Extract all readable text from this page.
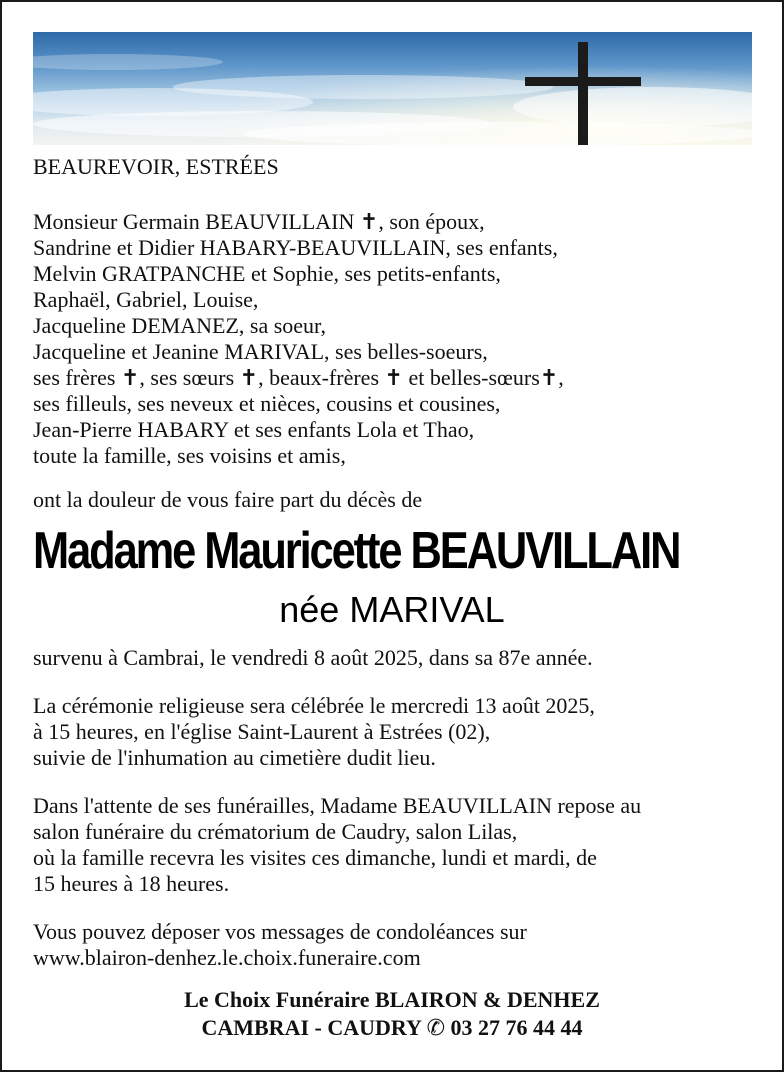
BEAUREVOIR, ESTRÉES
Monsieur Germain BEAUVILLAIN ✝, son époux,
Sandrine et Didier HABARY-BEAUVILLAIN, ses enfants,
Melvin GRATPANCHE et Sophie, ses petits-enfants,
Raphaël, Gabriel, Louise,
Jacqueline DEMANEZ, sa soeur,
Jacqueline et Jeanine MARIVAL, ses belles-soeurs,
ses frères ✝, ses sœurs ✝, beaux-frères ✝ et belles-sœurs✝,
ses filleuls, ses neveux et nièces, cousins et cousines,
Jean-Pierre HABARY et ses enfants Lola et Thao,
toute la famille, ses voisins et amis,
ont la douleur de vous faire part du décès de
Madame Mauricette BEAUVILLAIN
née MARIVAL
survenu à Cambrai, le vendredi 8 août 2025, dans sa 87e année.
La cérémonie religieuse sera célébrée le mercredi 13 août 2025,
à 15 heures, en l'église Saint-Laurent à Estrées (02),
suivie de l'inhumation au cimetière dudit lieu.
Dans l'attente de ses funérailles, Madame BEAUVILLAIN repose au
salon funéraire du crématorium de Caudry, salon Lilas,
où la famille recevra les visites ces dimanche, lundi et mardi, de
15 heures à 18 heures.
Vous pouvez déposer vos messages de condoléances sur
www.blairon-denhez.le.choix.funeraire.com
Le Choix Funéraire BLAIRON & DENHEZ
CAMBRAI - CAUDRY ✆ 03 27 76 44 44
